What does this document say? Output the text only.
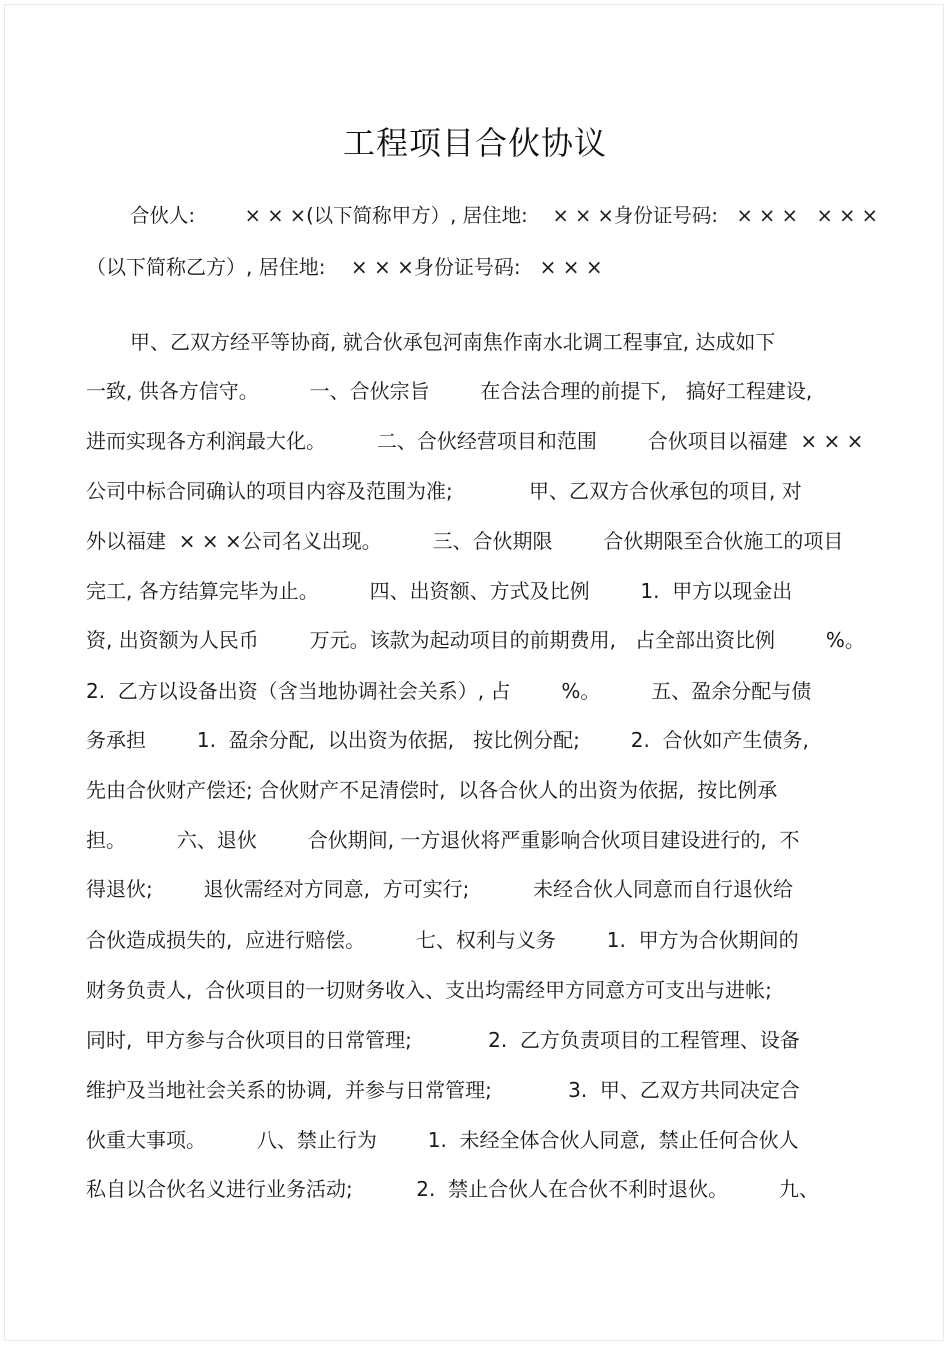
工程项目合伙协议
合伙人:        × × ×(以下简称甲方）, 居住地:    × × ×身份证号码:   × × ×   × × ×
（以下简称乙方）, 居住地:    × × ×身份证号码:   × × ×
甲、乙双方经平等协商, 就合伙承包河南焦作南水北调工程事宜, 达成如下
一致, 供各方信守。        一、合伙宗旨        在合法合理的前提下,   搞好工程建设,
进而实现各方利润最大化。        二、合伙经营项目和范围        合伙项目以福建  × × ×
公司中标合同确认的项目内容及范围为准;            甲、乙双方合伙承包的项目, 对
外以福建  × × ×公司名义出现。        三、合伙期限        合伙期限至合伙施工的项目
完工, 各方结算完毕为止。        四、出资额、方式及比例        1.  甲方以现金出
资, 出资额为人民币        万元。该款为起动项目的前期费用,   占全部出资比例        %。
2.  乙方以设备出资（含当地协调社会关系）, 占        %。        五、盈余分配与债
务承担        1.  盈余分配,  以出资为依据,   按比例分配;        2.  合伙如产生债务,
先由合伙财产偿还; 合伙财产不足清偿时,  以各合伙人的出资为依据,  按比例承
担。        六、退伙        合伙期间, 一方退伙将严重影响合伙项目建设进行的,  不
得退伙;        退伙需经对方同意,  方可实行;          未经合伙人同意而自行退伙给
合伙造成损失的,  应进行赔偿。        七、权利与义务        1.  甲方为合伙期间的
财务负责人,  合伙项目的一切财务收入、支出均需经甲方同意方可支出与进帐;
同时,  甲方参与合伙项目的日常管理;            2.  乙方负责项目的工程管理、设备
维护及当地社会关系的协调,  并参与日常管理;            3.  甲、乙双方共同决定合
伙重大事项。        八、禁止行为        1.  未经全体合伙人同意,  禁止任何合伙人
私自以合伙名义进行业务活动;          2.  禁止合伙人在合伙不利时退伙。        九、
